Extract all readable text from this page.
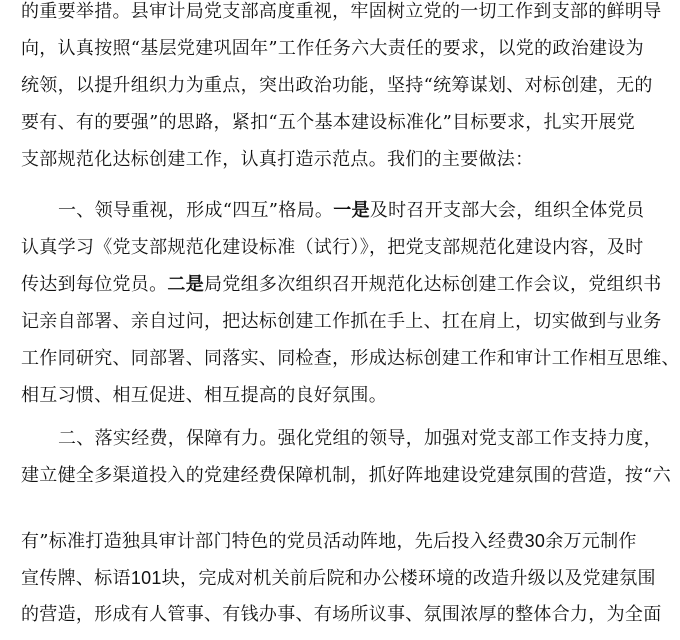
的重要举措。县审计局党支部高度重视，牢固树立党的一切工作到支部的鲜明导
向，认真按照“基层党建巩固年”工作任务六大责任的要求，以党的政治建设为
统领，以提升组织力为重点，突出政治功能，坚持“统筹谋划、对标创建，无的
要有、有的要强”的思路，紧扣“五个基本建设标准化”目标要求，扎实开展党
支部规范化达标创建工作，认真打造示范点。我们的主要做法：
一、领导重视，形成“四互”格局。一是及时召开支部大会，组织全体党员
认真学习《党支部规范化建设标准（试行）》，把党支部规范化建设内容，及时
传达到每位党员。二是局党组多次组织召开规范化达标创建工作会议，党组织书
记亲自部署、亲自过问，把达标创建工作抓在手上、扛在肩上，切实做到与业务
工作同研究、同部署、同落实、同检查，形成达标创建工作和审计工作相互思维、
相互习惯、相互促进、相互提高的良好氛围。
二、落实经费，保障有力。强化党组的领导，加强对党支部工作支持力度，
建立健全多渠道投入的党建经费保障机制，抓好阵地建设党建氛围的营造，按“六
有”标准打造独具审计部门特色的党员活动阵地，先后投入经费30余万元制作
宣传牌、标语101块，完成对机关前后院和办公楼环境的改造升级以及党建氛围
的营造，形成有人管事、有钱办事、有场所议事、氛围浓厚的整体合力，为全面
